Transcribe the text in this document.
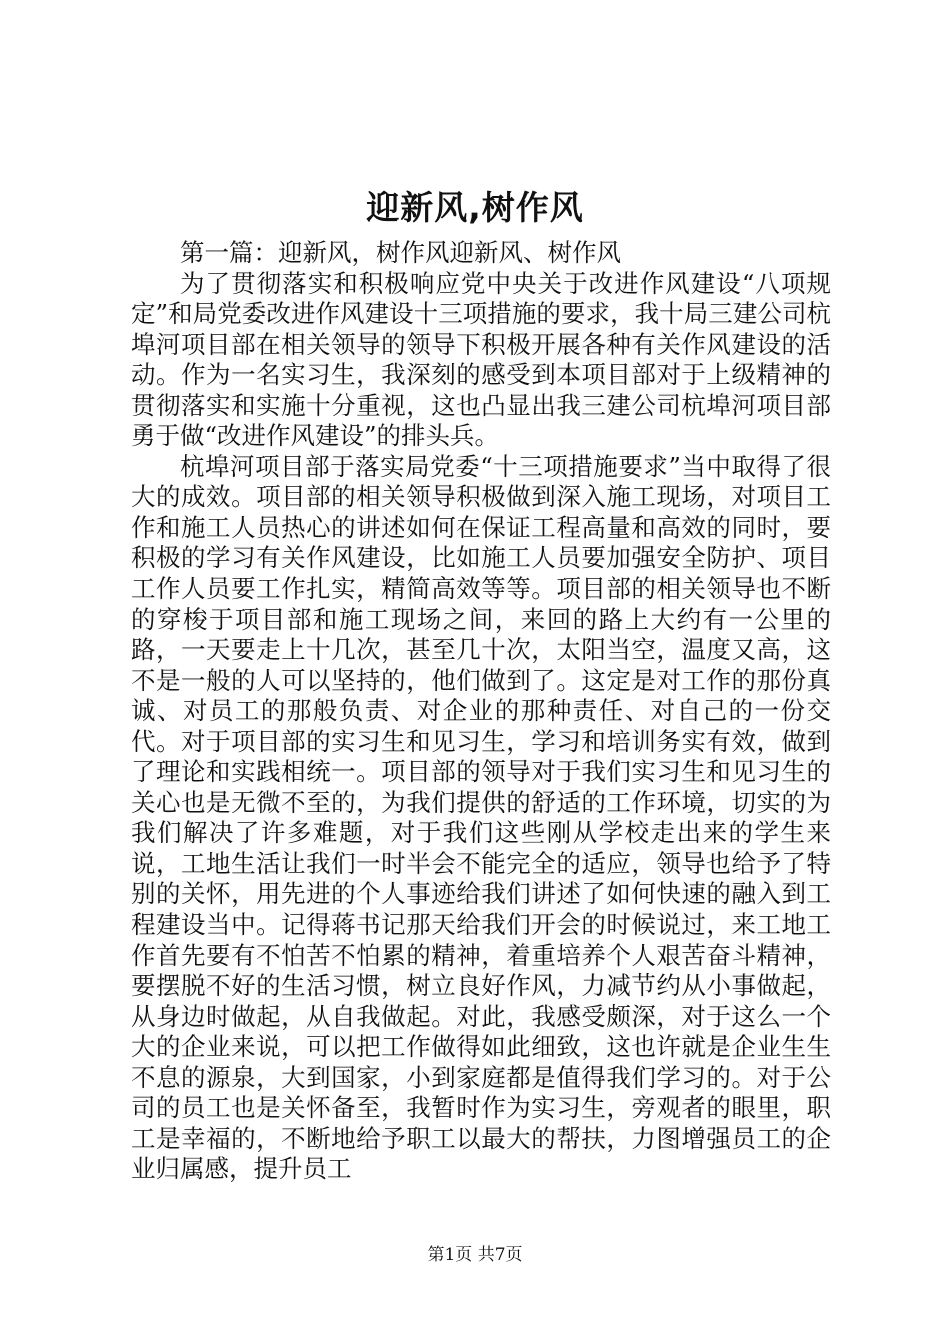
迎新风,树作风

第一篇：迎新风，树作风迎新风、树作风

为了贯彻落实和积极响应党中央关于改进作风建设“八项规定”和局党委改进作风建设十三项措施的要求，我十局三建公司杭埠河项目部在相关领导的领导下积极开展各种有关作风建设的活动。作为一名实习生，我深刻的感受到本项目部对于上级精神的贯彻落实和实施十分重视，这也凸显出我三建公司杭埠河项目部勇于做“改进作风建设”的排头兵。

杭埠河项目部于落实局党委“十三项措施要求”当中取得了很大的成效。项目部的相关领导积极做到深入施工现场，对项目工作和施工人员热心的讲述如何在保证工程高量和高效的同时，要积极的学习有关作风建设，比如施工人员要加强安全防护、项目工作人员要工作扎实，精简高效等等。项目部的相关领导也不断的穿梭于项目部和施工现场之间，来回的路上大约有一公里的路，一天要走上十几次，甚至几十次，太阳当空，温度又高，这不是一般的人可以坚持的，他们做到了。这定是对工作的那份真诚、对员工的那般负责、对企业的那种责任、对自己的一份交代。对于项目部的实习生和见习生，学习和培训务实有效，做到了理论和实践相统一。项目部的领导对于我们实习生和见习生的关心也是无微不至的，为我们提供的舒适的工作环境，切实的为我们解决了许多难题，对于我们这些刚从学校走出来的学生来说，工地生活让我们一时半会不能完全的适应，领导也给予了特别的关怀，用先进的个人事迹给我们讲述了如何快速的融入到工程建设当中。记得蒋书记那天给我们开会的时候说过，来工地工作首先要有不怕苦不怕累的精神，着重培养个人艰苦奋斗精神，要摆脱不好的生活习惯，树立良好作风，力减节约从小事做起，从身边时做起，从自我做起。对此，我感受颇深，对于这么一个大的企业来说，可以把工作做得如此细致，这也许就是企业生生不息的源泉，大到国家，小到家庭都是值得我们学习的。对于公司的员工也是关怀备至，我暂时作为实习生，旁观者的眼里，职工是幸福的，不断地给予职工以最大的帮扶，力图增强员工的企业归属感，提升员工

第1页 共7页
